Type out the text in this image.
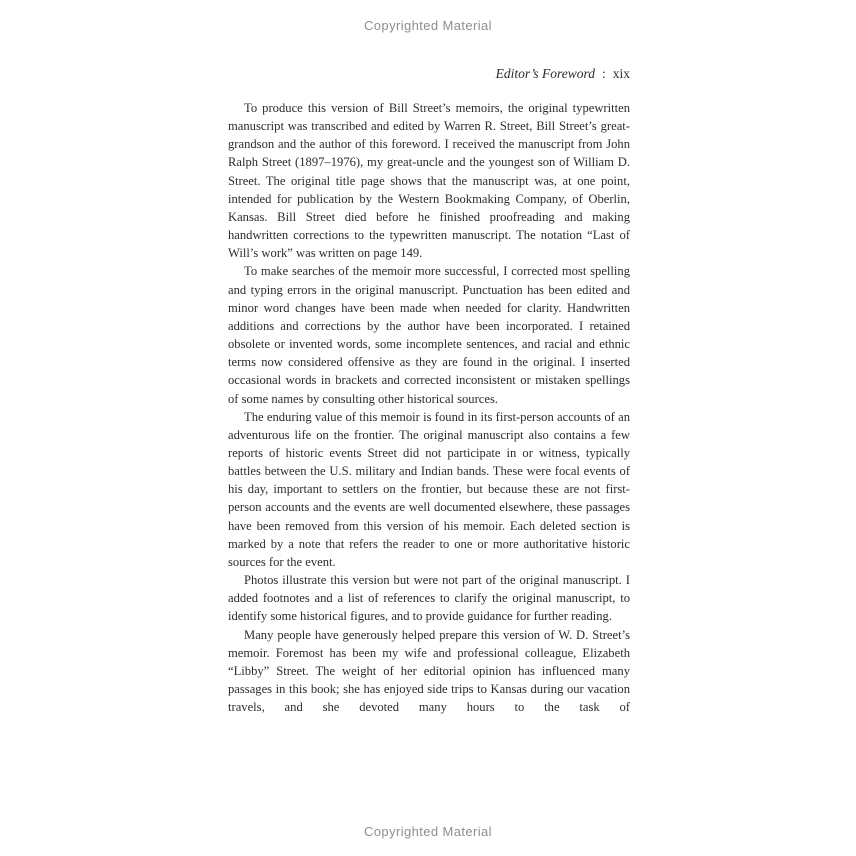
Copyrighted Material
Editor’s Foreword : xix

To produce this version of Bill Street’s memoirs, the original typewritten manuscript was transcribed and edited by Warren R. Street, Bill Street’s great-grandson and the author of this foreword. I received the manuscript from John Ralph Street (1897–1976), my great-uncle and the youngest son of William D. Street. The original title page shows that the manuscript was, at one point, intended for publication by the Western Bookmaking Company, of Oberlin, Kansas. Bill Street died before he finished proofreading and making handwritten corrections to the typewritten manuscript. The notation “Last of Will’s work” was written on page 149.

To make searches of the memoir more successful, I corrected most spelling and typing errors in the original manuscript. Punctuation has been edited and minor word changes have been made when needed for clarity. Handwritten additions and corrections by the author have been incorporated. I retained obsolete or invented words, some incomplete sentences, and racial and ethnic terms now considered offensive as they are found in the original. I inserted occasional words in brackets and corrected inconsistent or mistaken spellings of some names by consulting other historical sources.

The enduring value of this memoir is found in its first-person accounts of an adventurous life on the frontier. The original manuscript also contains a few reports of historic events Street did not participate in or witness, typically battles between the U.S. military and Indian bands. These were focal events of his day, important to settlers on the frontier, but because these are not first-person accounts and the events are well documented elsewhere, these passages have been removed from this version of his memoir. Each deleted section is marked by a note that refers the reader to one or more authoritative historic sources for the event.

Photos illustrate this version but were not part of the original manuscript. I added footnotes and a list of references to clarify the original manuscript, to identify some historical figures, and to provide guidance for further reading.

Many people have generously helped prepare this version of W. D. Street’s memoir. Foremost has been my wife and professional colleague, Elizabeth “Libby” Street. The weight of her editorial opinion has influenced many passages in this book; she has enjoyed side trips to Kansas during our vacation travels, and she devoted many hours to the task of

Copyrighted Material
